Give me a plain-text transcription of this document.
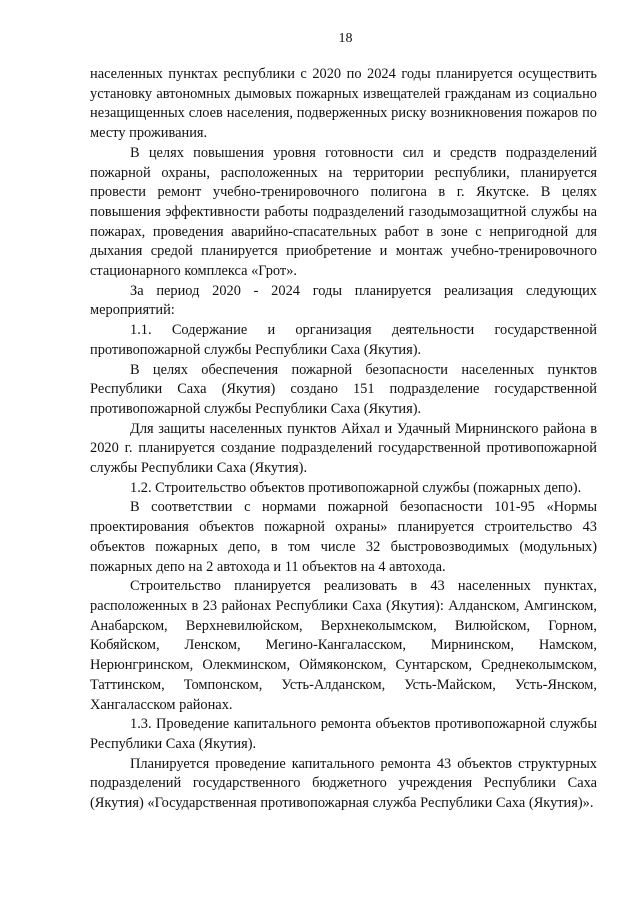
18

населенных пунктах республики с 2020 по 2024 годы планируется осуществить установку автономных дымовых пожарных извещателей гражданам из социально незащищенных слоев населения, подверженных риску возникновения пожаров по месту проживания.

В целях повышения уровня готовности сил и средств подразделений пожарной охраны, расположенных на территории республики, планируется провести ремонт учебно-тренировочного полигона в г. Якутске. В целях повышения эффективности работы подразделений газодымозащитной службы на пожарах, проведения аварийно-спасательных работ в зоне с непригодной для дыхания средой планируется приобретение и монтаж учебно-тренировочного стационарного комплекса «Грот».

За период 2020 - 2024 годы планируется реализация следующих мероприятий:

1.1. Содержание и организация деятельности государственной противопожарной службы Республики Саха (Якутия).

В целях обеспечения пожарной безопасности населенных пунктов Республики Саха (Якутия) создано 151 подразделение государственной противопожарной службы Республики Саха (Якутия).

Для защиты населенных пунктов Айхал и Удачный Мирнинского района в 2020 г. планируется создание подразделений государственной противопожарной службы Республики Саха (Якутия).

1.2. Строительство объектов противопожарной службы (пожарных депо).

В соответствии с нормами пожарной безопасности 101-95 «Нормы проектирования объектов пожарной охраны» планируется строительство 43 объектов пожарных депо, в том числе 32 быстровозводимых (модульных) пожарных депо на 2 автохода и 11 объектов на 4 автохода.

Строительство планируется реализовать в 43 населенных пунктах, расположенных в 23 районах Республики Саха (Якутия): Алданском, Амгинском, Анабарском, Верхневилюйском, Верхнеколымском, Вилюйском, Горном, Кобяйском, Ленском, Мегино-Кангаласском, Мирнинском, Намском, Нерюнгринском, Олекминском, Оймяконском, Сунтарском, Среднеколымском, Таттинском, Томпонском, Усть-Алданском, Усть-Майском, Усть-Янском, Хангаласском районах.

1.3. Проведение капитального ремонта объектов противопожарной службы Республики Саха (Якутия).

Планируется проведение капитального ремонта 43 объектов структурных подразделений государственного бюджетного учреждения Республики Саха (Якутия) «Государственная противопожарная служба Республики Саха (Якутия)».
